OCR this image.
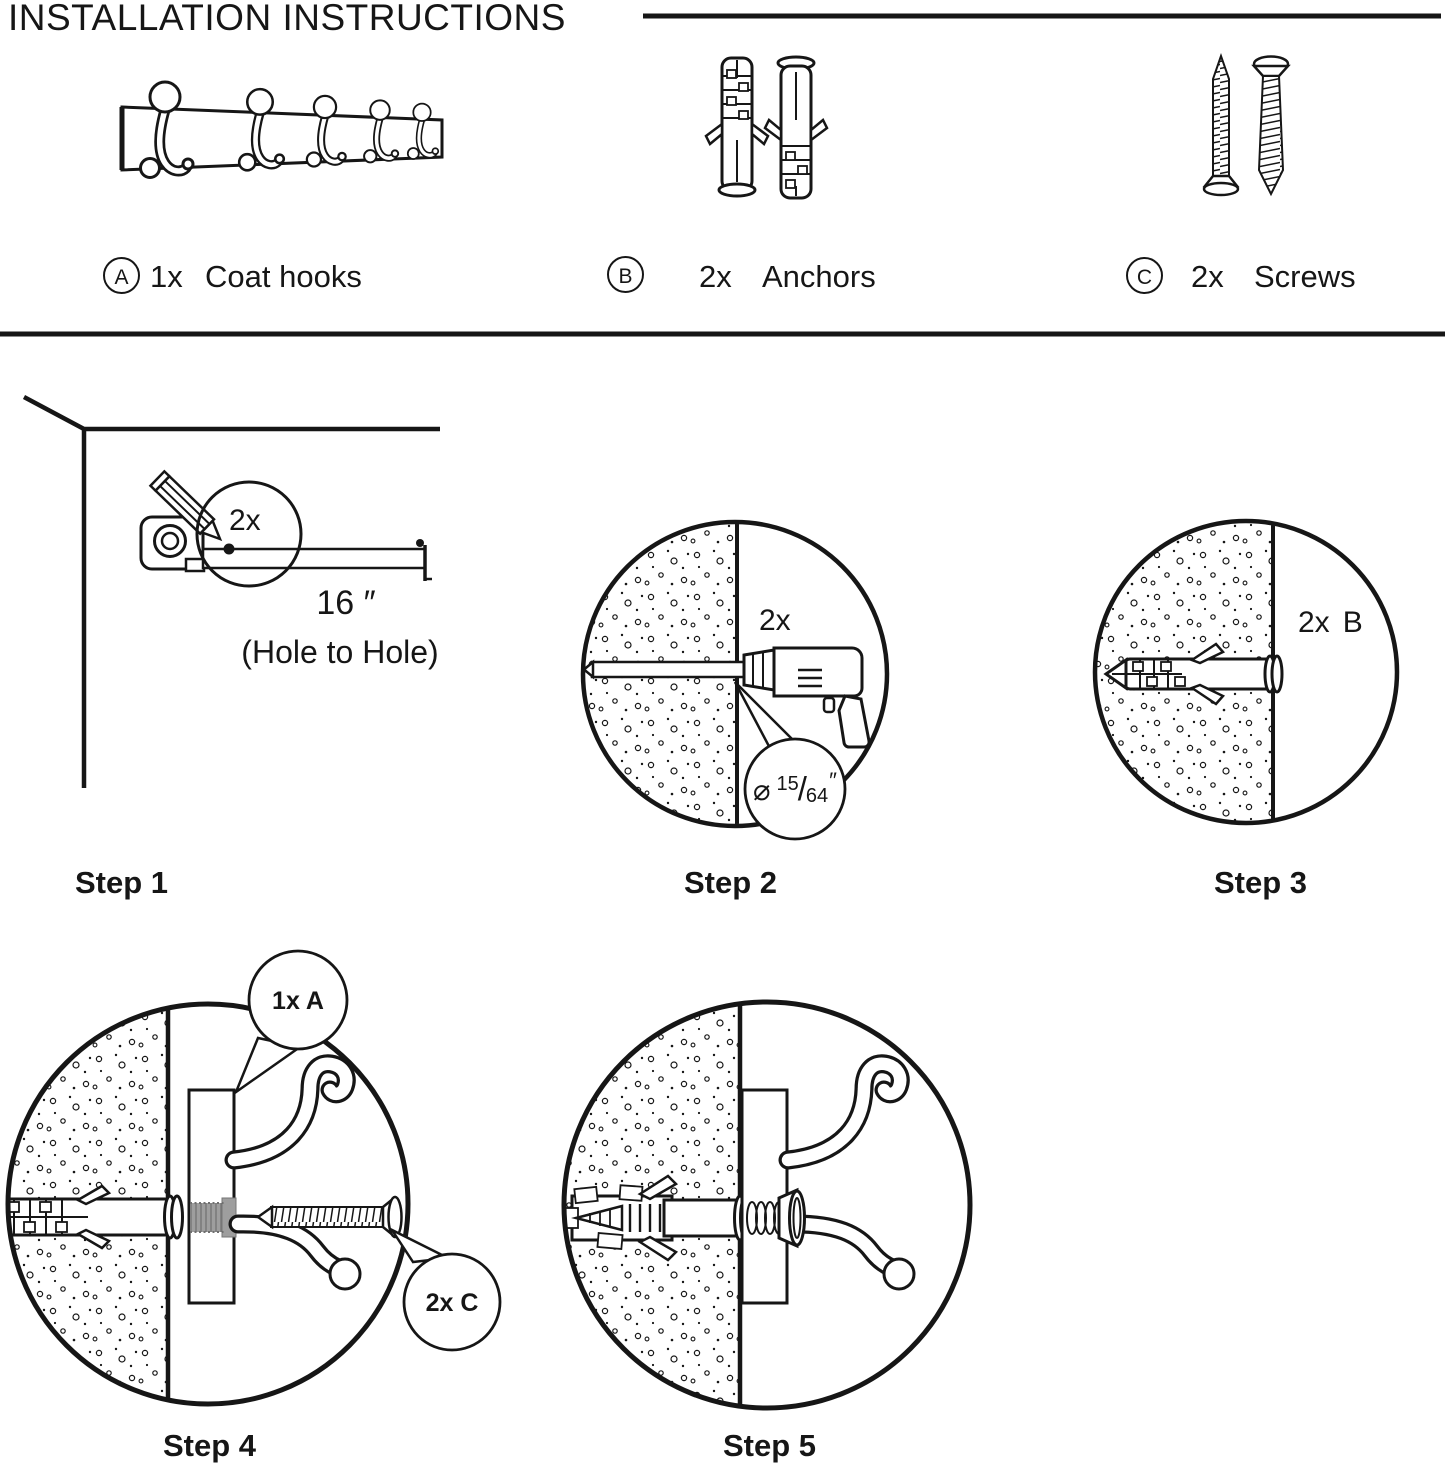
INSTALLATION INSTRUCTIONS
A 1x Coat hooks	B	2x Anchors	C	2x Screws
2x
16 ″
(Hole to Hole)
Step 1
2x
⌀ 15/64″
Step 2
2x B
Step 3
1x A
2x C
Step 4	Step 5
